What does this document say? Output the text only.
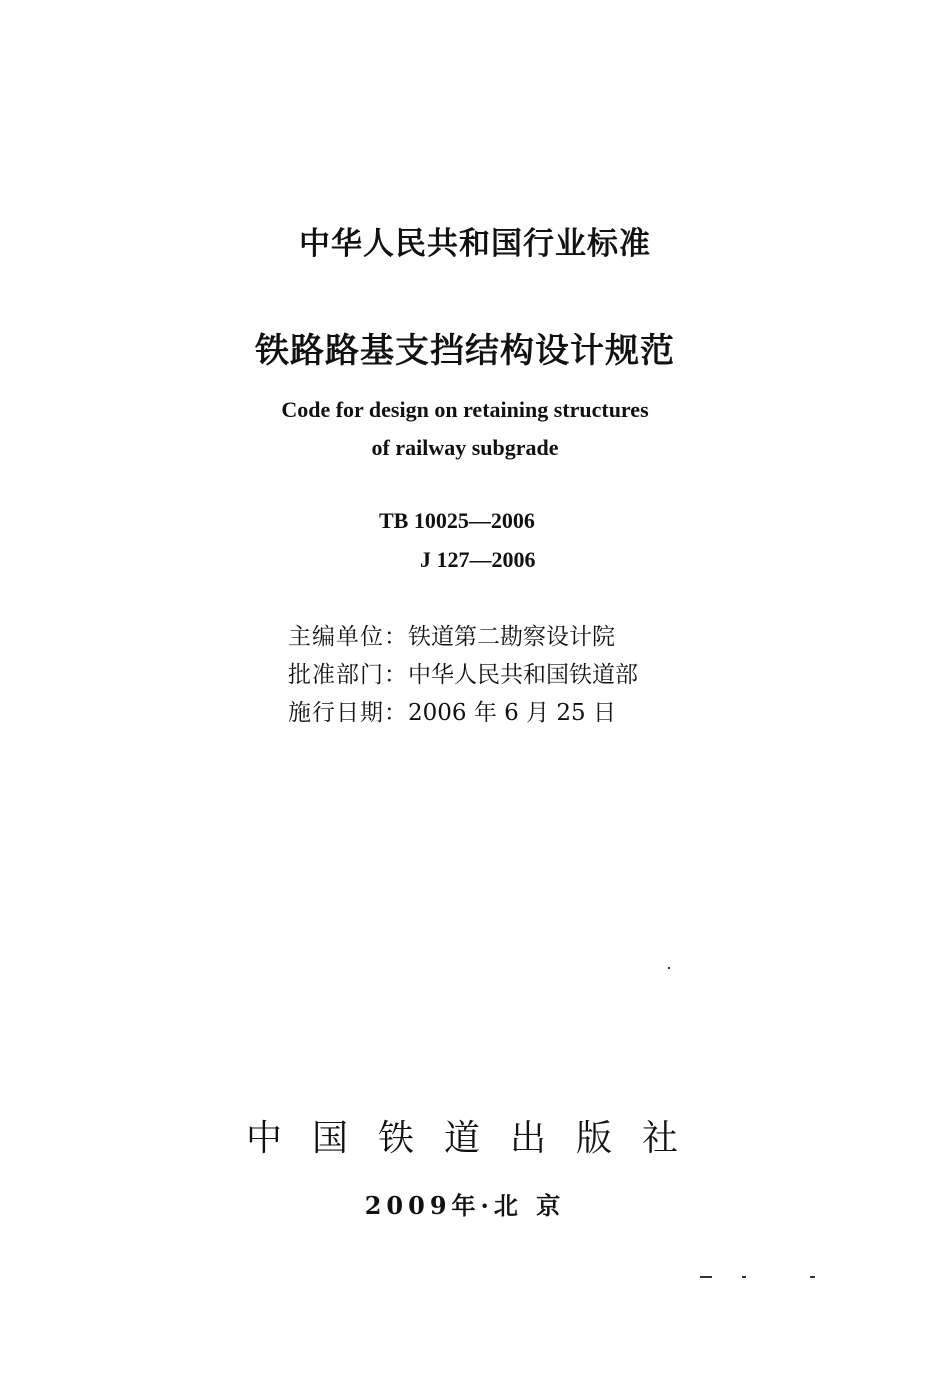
中华人民共和国行业标准
铁路路基支挡结构设计规范
Code for design on retaining structures
of railway subgrade
TB 10025—2006
J 127—2006
主编单位：铁道第二勘察设计院
批准部门：中华人民共和国铁道部
施行日期：2006 年 6 月 25 日
中国铁道出版社
2009年·北 京
